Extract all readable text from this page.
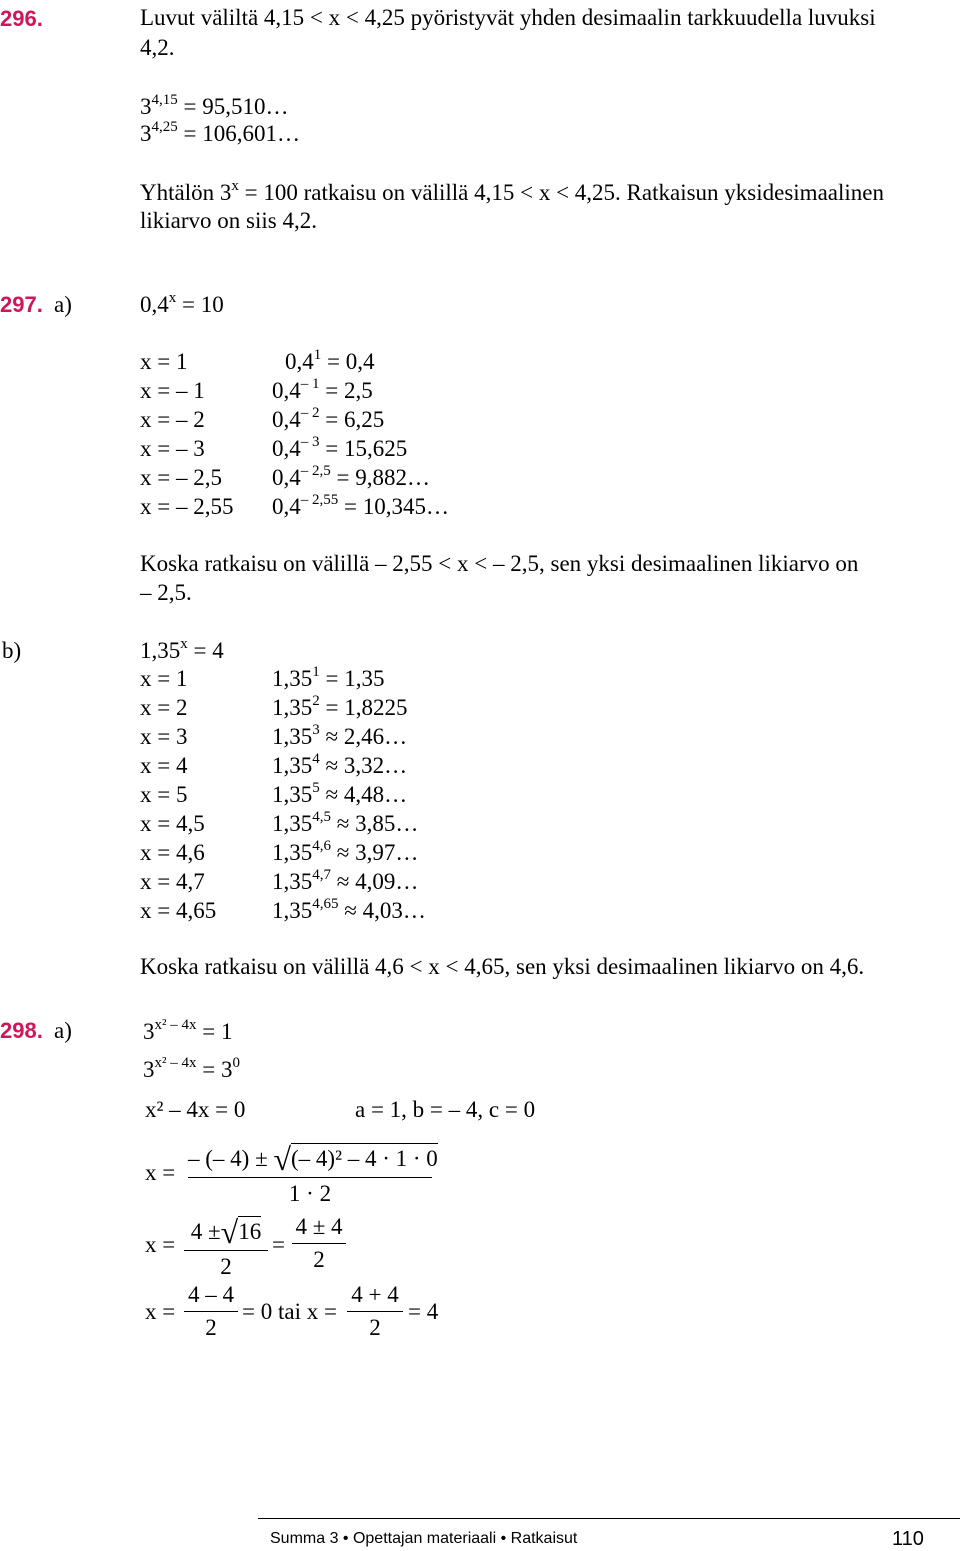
296.	Luvut väliltä 4,15 < x < 4,25 pyöristyvät yhden desimaalin tarkkuudella luvuksi
4,2.
$3^{4,15}$ = 95,510…
$3^{4,25}$ = 106,601…
Yhtälön $3^x = 100$ ratkaisu on välillä 4,15 < x < 4,25. Ratkaisun yksidesimaalinen
likiarvo on siis 4,2.
297. a)	$0,4^x = 10$
x = 1	$0,4^1 = 0,4$
x = – 1	$0,4^{- 1} = 2,5$
x = – 2	$0,4^{- 2} = 6,25$
x = – 3	$0,4^{- 3} = 15,625$
x = – 2,5 $0,4^{- 2,5}$ = 9,882…
x = – 2,55 $0,4^{- 2,55}$ = 10,345…
Koska ratkaisu on välillä – 2,55 < x < – 2,5, sen yksi desimaalinen likiarvo on
– 2,5.
b)	$1,35^x = 4$
x = 1	$1,35^1 = 1,35$
x = 2	$1,35^2 = 1,8225$
x = 3	$1,35^3$ ≈ 2,46…
x = 4	$1,35^4$ ≈ 3,32…
x = 5	$1,35^5$ ≈ 4,48…
x = 4,5	$1,35^{4,5}$ ≈ 3,85…
x = 4,6	$1,35^{4,6}$ ≈ 3,97…
x = 4,7	$1,35^{4,7}$ ≈ 4,09…
x = 4,65 $1,35^{4,65}$ ≈ 4,03…
Koska ratkaisu on välillä 4,6 < x < 4,65, sen yksi desimaalinen likiarvo on 4,6.
298. a)	$3^{x^2 - 4x} = 1$
$3^{x^2 - 4x} = 3^0$
x² – 4x = 0	a = 1, b = – 4, c = 0
x =
– (– 4) ± √(– 4)² – 4 · 1 · 0
1 · 2
x =
4 ±√16
2
=
4 ± 4
2
x =
4 – 4
2
= 0 tai x =
4 + 4
2
= 4
Summa 3 • Opettajan materiaali • Ratkaisut	110
